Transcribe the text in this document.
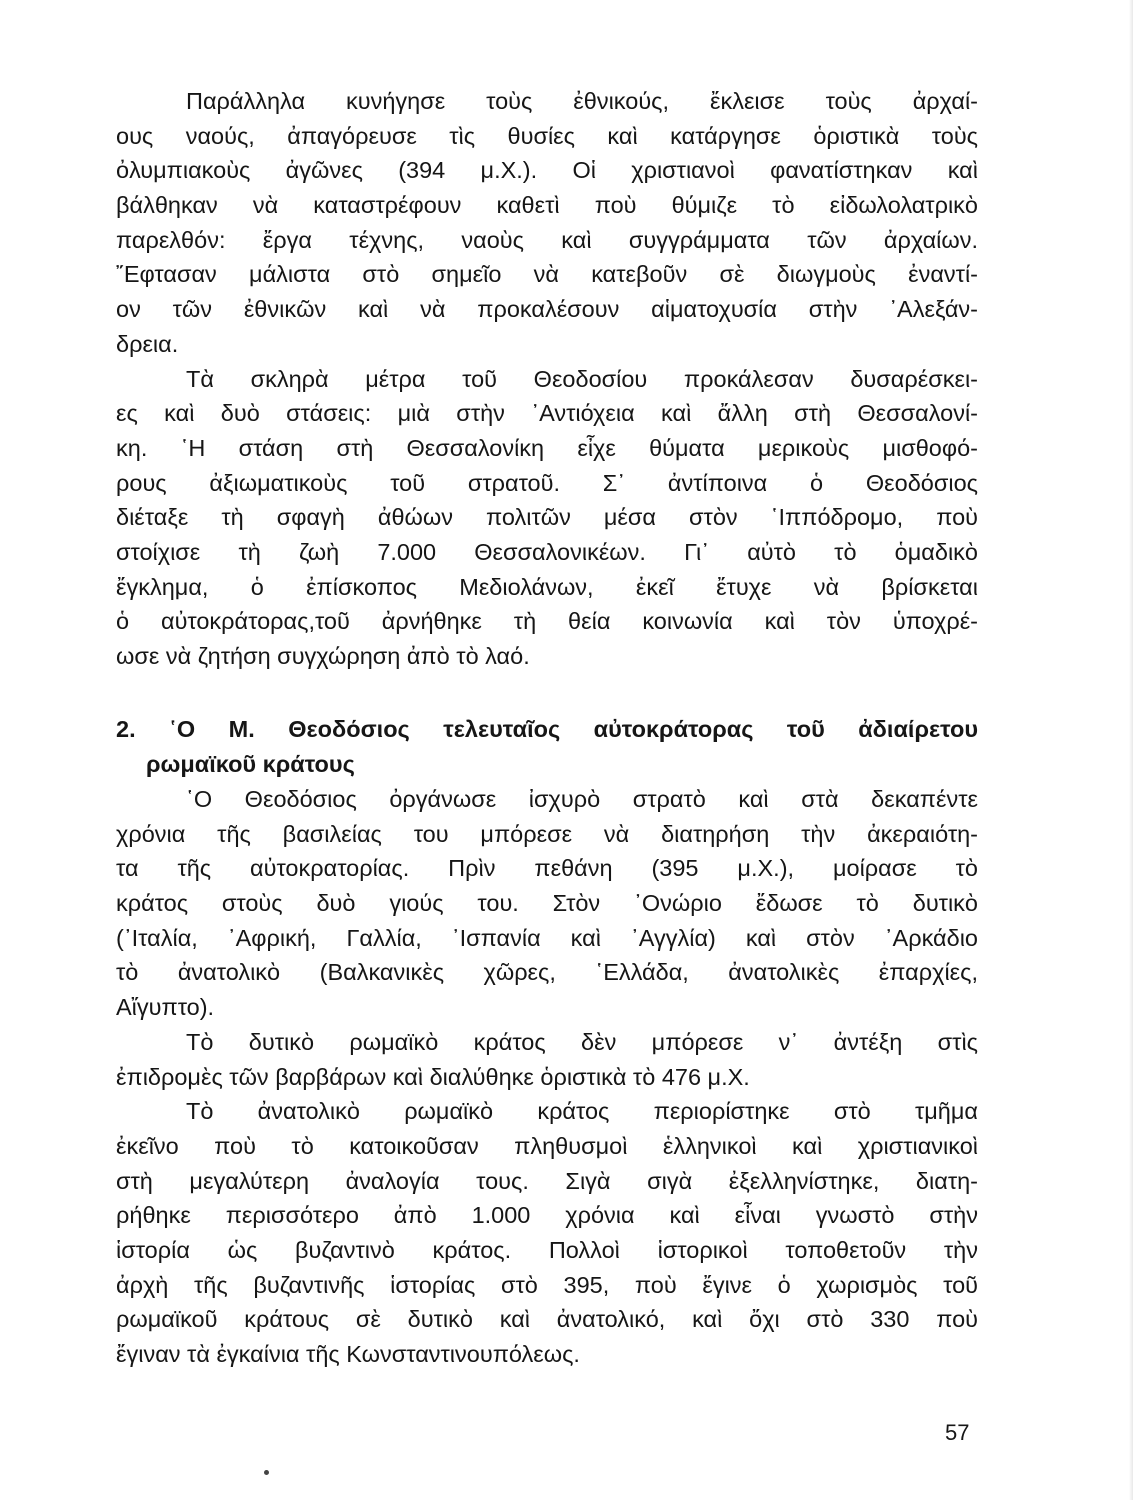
Παράλληλα κυνήγησε τοὺς ἐθνικούς, ἔκλεισε τοὺς ἀρχαί-
ους ναούς, ἀπαγόρευσε τὶς θυσίες καὶ κατάργησε ὁριστικὰ τοὺς
ὀλυμπιακοὺς ἀγῶνες (394 μ.Χ.). Οἱ χριστιανοὶ φανατίστηκαν καὶ
βάλθηκαν νὰ καταστρέφουν καθετὶ ποὺ θύμιζε τὸ εἰδωλολατρικὸ
παρελθόν: ἔργα τέχνης, ναοὺς καὶ συγγράμματα τῶν ἀρχαίων.
῎Εφτασαν μάλιστα στὸ σημεῖο νὰ κατεβοῦν σὲ διωγμοὺς ἐναντί-
ον τῶν ἐθνικῶν καὶ νὰ προκαλέσουν αἱματοχυσία στὴν ᾿Αλεξάν-
δρεια.
Τὰ σκληρὰ μέτρα τοῦ Θεοδοσίου προκάλεσαν δυσαρέσκει-
ες καὶ δυὸ στάσεις: μιὰ στὴν ᾿Αντιόχεια καὶ ἄλλη στὴ Θεσσαλονί-
κη. ῾Η στάση στὴ Θεσσαλονίκη εἶχε θύματα μερικοὺς μισθοφό-
ρους ἀξιωματικοὺς τοῦ στρατοῦ. Σ᾿ ἀντίποινα ὁ Θεοδόσιος
διέταξε τὴ σφαγὴ ἀθώων πολιτῶν μέσα στὸν ῾Ιππόδρομο, ποὺ
στοίχισε τὴ ζωὴ 7.000 Θεσσαλονικέων. Γι᾿ αὐτὸ τὸ ὁμαδικὸ
ἔγκλημα, ὁ ἐπίσκοπος Μεδιολάνων, ἐκεῖ ἔτυχε νὰ βρίσκεται
ὁ αὐτοκράτορας,τοῦ ἀρνήθηκε τὴ θεία κοινωνία καὶ τὸν ὑποχρέ-
ωσε νὰ ζητήση συγχώρηση ἀπὸ τὸ λαό.
2. ῾Ο Μ. Θεοδόσιος τελευταῖος αὐτοκράτορας τοῦ ἀδιαίρετου
ρωμαϊκοῦ κράτους
῾Ο Θεοδόσιος ὀργάνωσε ἰσχυρὸ στρατὸ καὶ στὰ δεκαπέντε
χρόνια τῆς βασιλείας του μπόρεσε νὰ διατηρήση τὴν ἀκεραιότη-
τα τῆς αὐτοκρατορίας. Πρὶν πεθάνη (395 μ.Χ.), μοίρασε τὸ
κράτος στοὺς δυὸ γιούς του. Στὸν ᾿Ονώριο ἔδωσε τὸ δυτικὸ
(᾿Ιταλία, ᾿Αφρική, Γαλλία, ᾿Ισπανία καὶ ᾿Αγγλία) καὶ στὸν ᾿Αρκάδιο
τὸ ἀνατολικὸ (Βαλκανικὲς χῶρες, ῾Ελλάδα, ἀνατολικὲς ἐπαρχίες,
Αἴγυπτο).
Τὸ δυτικὸ ρωμαϊκὸ κράτος δὲν μπόρεσε ν᾿ ἀντέξη στὶς
ἐπιδρομὲς τῶν βαρβάρων καὶ διαλύθηκε ὁριστικὰ τὸ 476 μ.Χ.
Τὸ ἀνατολικὸ ρωμαϊκὸ κράτος περιορίστηκε στὸ τμῆμα
ἐκεῖνο ποὺ τὸ κατοικοῦσαν πληθυσμοὶ ἑλληνικοὶ καὶ χριστιανικοὶ
στὴ μεγαλύτερη ἀναλογία τους. Σιγὰ σιγὰ ἐξελληνίστηκε, διατη-
ρήθηκε περισσότερο ἀπὸ 1.000 χρόνια καὶ εἶναι γνωστὸ στὴν
ἱστορία ὡς βυζαντινὸ κράτος. Πολλοὶ ἱστορικοὶ τοποθετοῦν τὴν
ἀρχὴ τῆς βυζαντινῆς ἱστορίας στὸ 395, ποὺ ἔγινε ὁ χωρισμὸς τοῦ
ρωμαϊκοῦ κράτους σὲ δυτικὸ καὶ ἀνατολικό, καὶ ὄχι στὸ 330 ποὺ
ἔγιναν τὰ ἐγκαίνια τῆς Κωνσταντινουπόλεως.
57
